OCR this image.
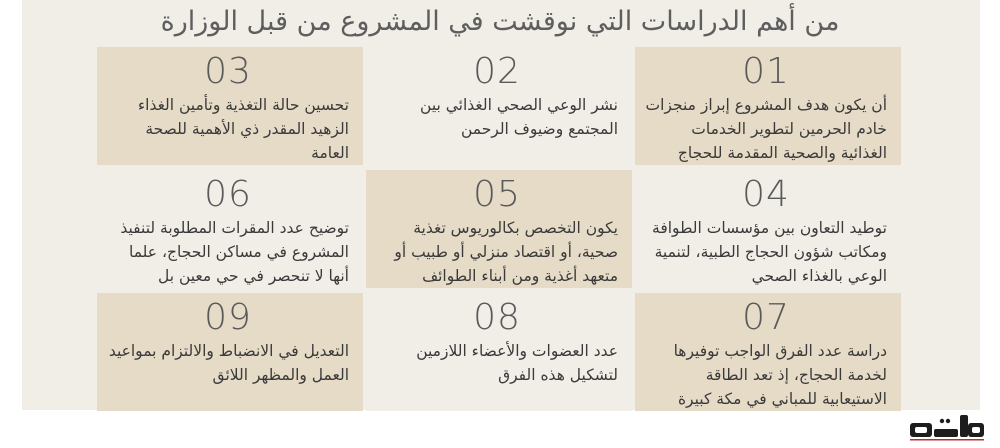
من أهم الدراسات التي نوقشت في المشروع من قبل الوزارة
01
أن يكون هدف المشروع إبراز منجزات خادم الحرمين لتطوير الخدمات الغذائية والصحية المقدمة للحجاج
02
نشر الوعي الصحي الغذائي بين المجتمع وضيوف الرحمن
03
تحسين حالة التغذية وتأمين الغذاء الزهيد المقدر ذي الأهمية للصحة العامة
04
توطيد التعاون بين مؤسسات الطوافة ومكاتب شؤون الحجاج الطبية، لتنمية الوعي بالغذاء الصحي
05
يكون التخصص بكالوريوس تغذية صحية، أو اقتصاد منزلي أو طبيب أو متعهد أغذية ومن أبناء الطوائف
06
توضيح عدد المقرات المطلوبة لتنفيذ المشروع في مساكن الحجاج، علما أنها لا تنحصر في حي معين بل
07
دراسة عدد الفرق الواجب توفيرها لخدمة الحجاج، إذ تعد الطاقة الاستيعابية للمباني في مكة كبيرة
08
عدد العضوات والأعضاء اللازمين لتشكيل هذه الفرق
09
التعديل في الانضباط والالتزام بمواعيد العمل والمظهر اللائق
